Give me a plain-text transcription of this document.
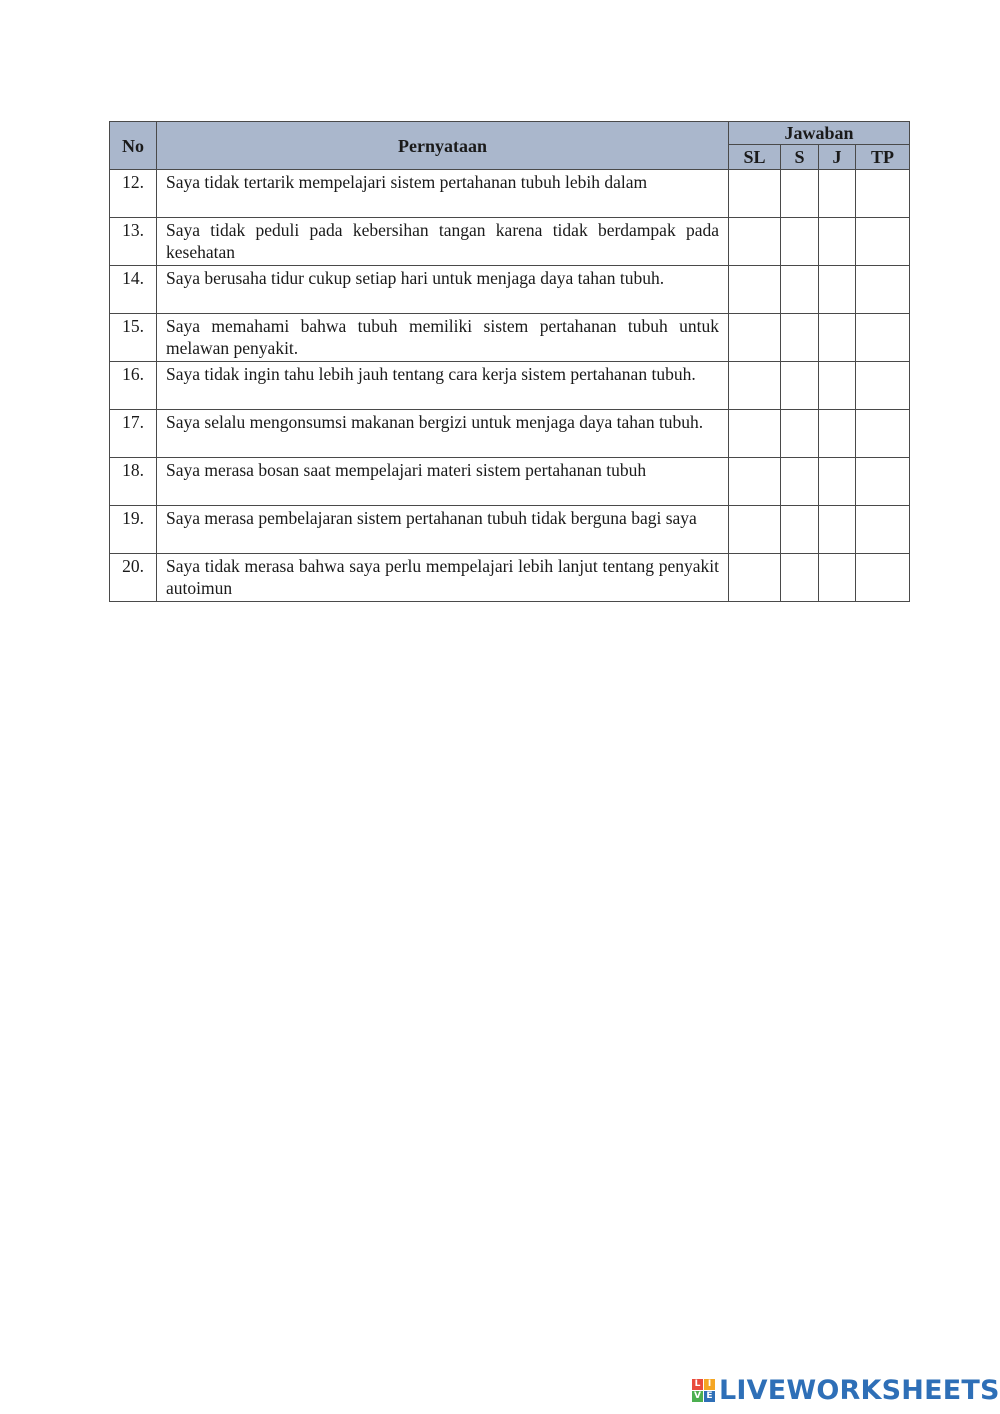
No	Pernyataan	Jawaban			
		SL	S	J	TP
12.	Saya tidak tertarik mempelajari sistem pertahanan tubuh lebih dalam				
13.	Saya tidak peduli pada kebersihan tangan karena tidak berdampak pada kesehatan				
14.	Saya berusaha tidur cukup setiap hari untuk menjaga daya tahan tubuh.				
15.	Saya memahami bahwa tubuh memiliki sistem pertahanan tubuh untuk melawan penyakit.				
16.	Saya tidak ingin tahu lebih jauh tentang cara kerja sistem pertahanan tubuh.				
17.	Saya selalu mengonsumsi makanan bergizi untuk menjaga daya tahan tubuh.				
18.	Saya merasa bosan saat mempelajari materi sistem pertahanan tubuh				
19.	Saya merasa pembelajaran sistem pertahanan tubuh tidak berguna bagi saya				
20.	Saya tidak merasa bahwa saya perlu mempelajari lebih lanjut tentang penyakit autoimun				
L I
V E LIVEWORKSHEETS
